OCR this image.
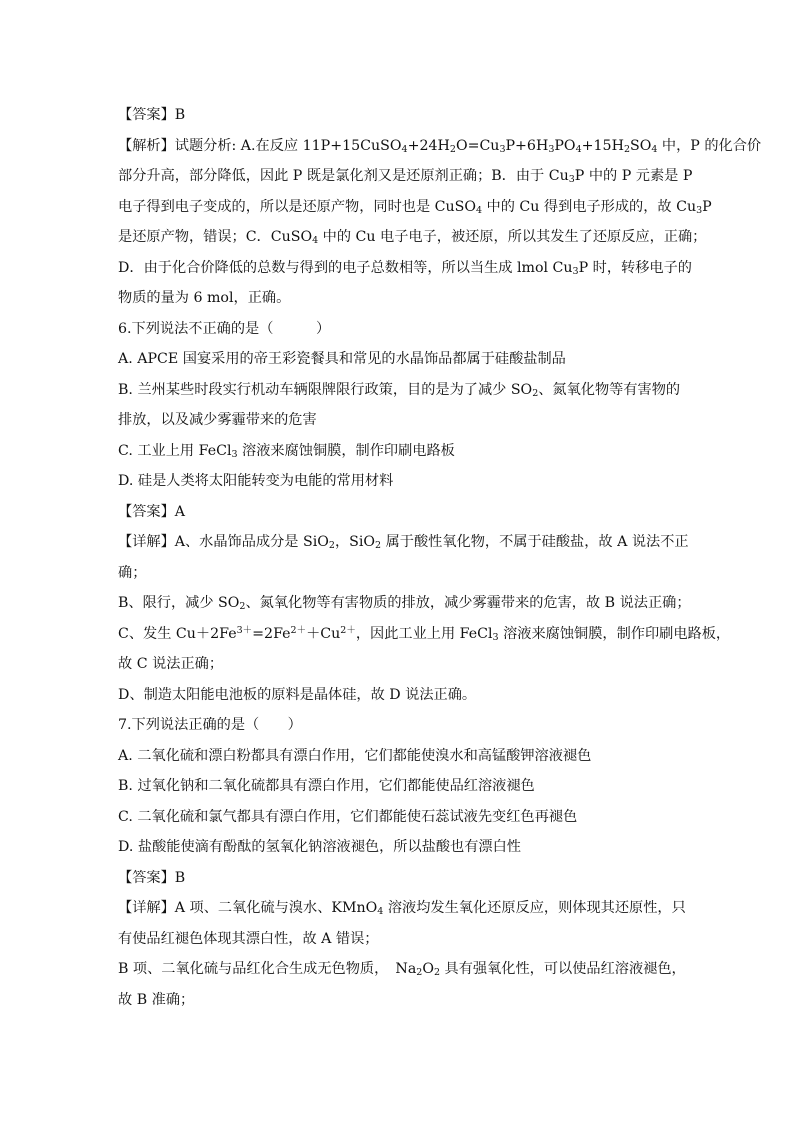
【答案】B
【解析】试题分析: A.在反应 $11P+15CuSO_4+24H_2O=Cu_3P+6H_3PO_4+15H_2SO_4$ 中，P 的化合价
部分升高，部分降低，因此 P 既是氯化剂又是还原剂正确；B．由于 $Cu_3P$ 中的 P 元素是 P
电子得到电子变成的，所以是还原产物，同时也是 CuSO$_4$ 中的 Cu 得到电子形成的，故 $Cu_3P$
是还原产物，错误；C．CuSO$_4$ 中的 Cu 电子电子，被还原，所以其发生了还原反应，正确；
D．由于化合价降低的总数与得到的电子总数相等，所以当生成 lmol $Cu_3P$ 时，转移电子的
物质的量为 6 mol，正确。
6.下列说法不正确的是（　　　）
A. APCE 国宴采用的帝王彩瓷餐具和常见的水晶饰品都属于硅酸盐制品
B. 兰州某些时段实行机动车辆限牌限行政策，目的是为了减少 $SO_2$、氮氧化物等有害物的
排放，以及减少雾霾带来的危害
C. 工业上用 FeCl$_3$ 溶液来腐蚀铜膜，制作印刷电路板
D. 硅是人类将太阳能转变为电能的常用材料
【答案】A
【详解】A、水晶饰品成分是 SiO$_2$，SiO$_2$ 属于酸性氧化物，不属于硅酸盐，故 A 说法不正
确；
B、限行，减少 $SO_2$、氮氧化物等有害物质的排放，减少雾霾带来的危害，故 B 说法正确；
C、发生 $Cu+2Fe^{3+}=2Fe^{2+}+Cu^{2+}$，因此工业上用 FeCl$_3$ 溶液来腐蚀铜膜，制作印刷电路板，
故 C 说法正确；
D、制造太阳能电池板的原料是晶体硅，故 D 说法正确。
7.下列说法正确的是（　　）
A. 二氧化硫和漂白粉都具有漂白作用，它们都能使溴水和高锰酸钾溶液褪色
B. 过氧化钠和二氧化硫都具有漂白作用，它们都能使品红溶液褪色
C. 二氧化硫和氯气都具有漂白作用，它们都能使石蕊试液先变红色再褪色
D. 盐酸能使滴有酚酞的氢氧化钠溶液褪色，所以盐酸也有漂白性
【答案】B
【详解】A 项、二氧化硫与溴水、KMnO$_4$ 溶液均发生氧化还原反应，则体现其还原性，只
有使品红褪色体现其漂白性，故 A 错误；
B 项、二氧化硫与品红化合生成无色物质，　$Na_2O_2$ 具有强氧化性，可以使品红溶液褪色，
故 B 准确；
